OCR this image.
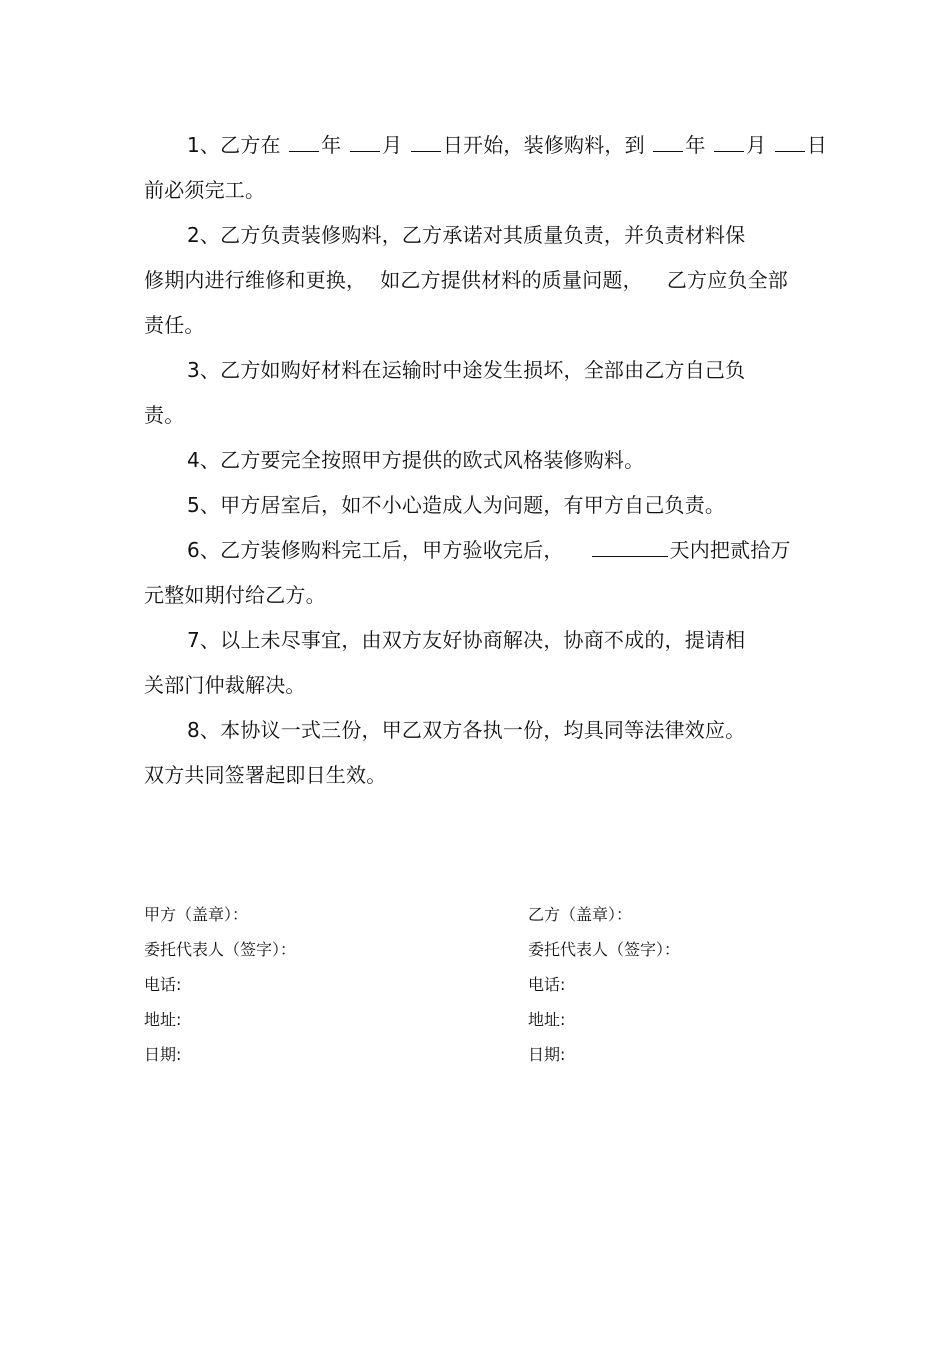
1、乙方在 年 月 日开始，装修购料，到 年 月 日
前必须完工。
2、乙方负责装修购料，乙方承诺对其质量负责，并负责材料保
修期内进行维修和更换， 如乙方提供材料的质量问题， 乙方应负全部
责任。
3、乙方如购好材料在运输时中途发生损坏，全部由乙方自己负
责。
4、乙方要完全按照甲方提供的欧式风格装修购料。
5、甲方居室后，如不小心造成人为问题，有甲方自己负责。
6、乙方装修购料完工后，甲方验收完后，	天内把贰拾万
元整如期付给乙方。
7、以上未尽事宜，由双方友好协商解决，协商不成的，提请相
关部门仲裁解决。
8、本协议一式三份，甲乙双方各执一份，均具同等法律效应。
双方共同签署起即日生效。
甲方（盖章）：
委托代表人（签字）：
电话:
地址:
日期:
乙方（盖章）：
委托代表人（签字）：
电话:
地址:
日期:
